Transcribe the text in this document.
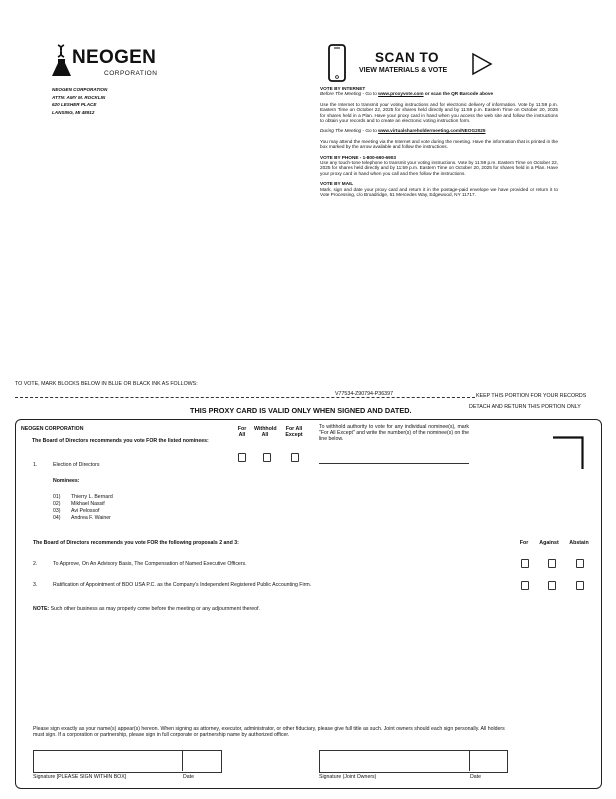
NEOGEN
CORPORATION
NEOGEN CORPORATION
ATTN: AMY M. ROCKLIN
620 LESHER PLACE
LANSING, MI 48912
SCAN TO
VIEW MATERIALS & VOTE
VOTE BY INTERNET
Before The Meeting - Go to www.proxyvote.com or scan the QR Barcode above
Use the Internet to transmit your voting instructions and for electronic delivery of information. Vote by 11:59 p.m. Eastern Time on October 22, 2025 for shares held directly and by 11:59 p.m. Eastern Time on October 20, 2025 for shares held in a Plan. Have your proxy card in hand when you access the web site and follow the instructions to obtain your records and to create an electronic voting instruction form.
During The Meeting - Go to www.virtualshareholdermeeting.com/NEOG2025
You may attend the meeting via the Internet and vote during the meeting. Have the information that is printed in the box marked by the arrow available and follow the instructions.
VOTE BY PHONE - 1-800-690-6903
Use any touch-tone telephone to transmit your voting instructions. Vote by 11:59 p.m. Eastern Time on October 22, 2025 for shares held directly and by 11:59 p.m. Eastern Time on October 20, 2025 for shares held in a Plan. Have your proxy card in hand when you call and then follow the instructions.
VOTE BY MAIL
Mark, sign and date your proxy card and return it in the postage-paid envelope we have provided or return it to Vote Processing, c/o Broadridge, 51 Mercedes Way, Edgewood, NY 11717.
TO VOTE, MARK BLOCKS BELOW IN BLUE OR BLACK INK AS FOLLOWS:
V77534-Z90794-P36397	KEEP THIS PORTION FOR YOUR RECORDS
THIS PROXY CARD IS VALID ONLY WHEN SIGNED AND DATED.	DETACH AND RETURN THIS PORTION ONLY
NEOGEN CORPORATION
The Board of Directors recommends you vote FOR the listed nominees:
For All
Withhold All
For All Except
To withhold authority to vote for any individual nominee(s), mark "For All Except" and write the number(s) of the nominee(s) on the line below.
1.	Election of Directors
Nominees:
01) Thierry L. Bernard
02) Mikhael Nassif
03) Avi Pelossof
04) Andrea F. Wainer
The Board of Directors recommends you vote FOR the following proposals 2 and 3:	For	Against	Abstain
2.	To Approve, On An Advisory Basis, The Compensation of Named Executive Officers.
3.	Ratification of Appointment of BDO USA P.C. as the Company's Independent Registered Public Accounting Firm.
NOTE: Such other business as may properly come before the meeting or any adjournment thereof.
Please sign exactly as your name(s) appear(s) hereon. When signing as attorney, executor, administrator, or other fiduciary, please give full title as such. Joint owners should each sign personally. All holders must sign. If a corporation or partnership, please sign in full corporate or partnership name by authorized officer.
Signature [PLEASE SIGN WITHIN BOX]	Date	Signature (Joint Owners)	Date
